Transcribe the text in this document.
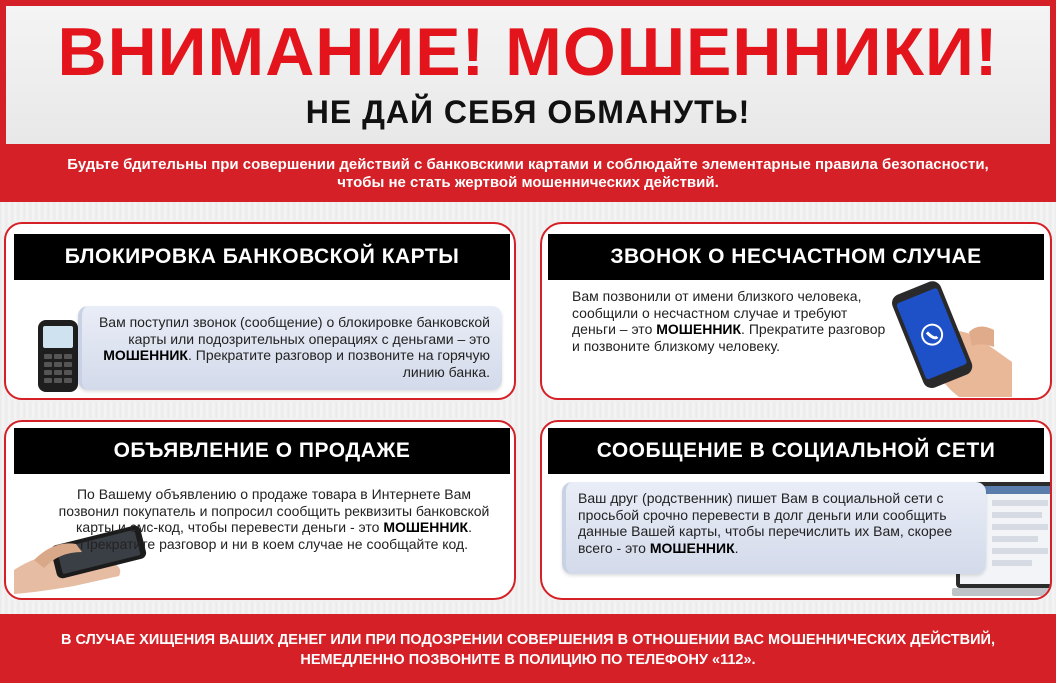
ВНИМАНИЕ! МОШЕННИКИ!
НЕ ДАЙ СЕБЯ ОБМАНУТЬ!
Будьте бдительны при совершении действий с банковскими картами и соблюдайте элементарные правила безопасности,
чтобы не стать жертвой мошеннических действий.
БЛОКИРОВКА БАНКОВСКОЙ КАРТЫ
Вам поступил звонок (сообщение) о блокировке банковской карты или подозрительных операциях с деньгами – это МОШЕННИК. Прекратите разговор и позвоните на горячую линию банка.
ЗВОНОК О НЕСЧАСТНОМ СЛУЧАЕ
Вам позвонили от имени близкого человека, сообщили о несчастном случае и требуют деньги – это МОШЕННИК. Прекратите разговор и позвоните близкому человеку.
ОБЪЯВЛЕНИЕ О ПРОДАЖЕ
По Вашему объявлению о продаже товара в Интернете Вам позвонил покупатель и попросил сообщить реквизиты банковской карты и смс-код, чтобы перевести деньги - это МОШЕННИК. Прекратите разговор и ни в коем случае не сообщайте код.
СООБЩЕНИЕ В СОЦИАЛЬНОЙ СЕТИ
Ваш друг (родственник) пишет Вам в социальной сети с просьбой срочно перевести в долг деньги или сообщить данные Вашей карты, чтобы перечислить их Вам, скорее всего - это МОШЕННИК.
В СЛУЧАЕ ХИЩЕНИЯ ВАШИХ ДЕНЕГ ИЛИ ПРИ ПОДОЗРЕНИИ СОВЕРШЕНИЯ В ОТНОШЕНИИ ВАС МОШЕННИЧЕСКИХ ДЕЙСТВИЙ,
НЕМЕДЛЕННО ПОЗВОНИТЕ В ПОЛИЦИЮ ПО ТЕЛЕФОНУ «112».
